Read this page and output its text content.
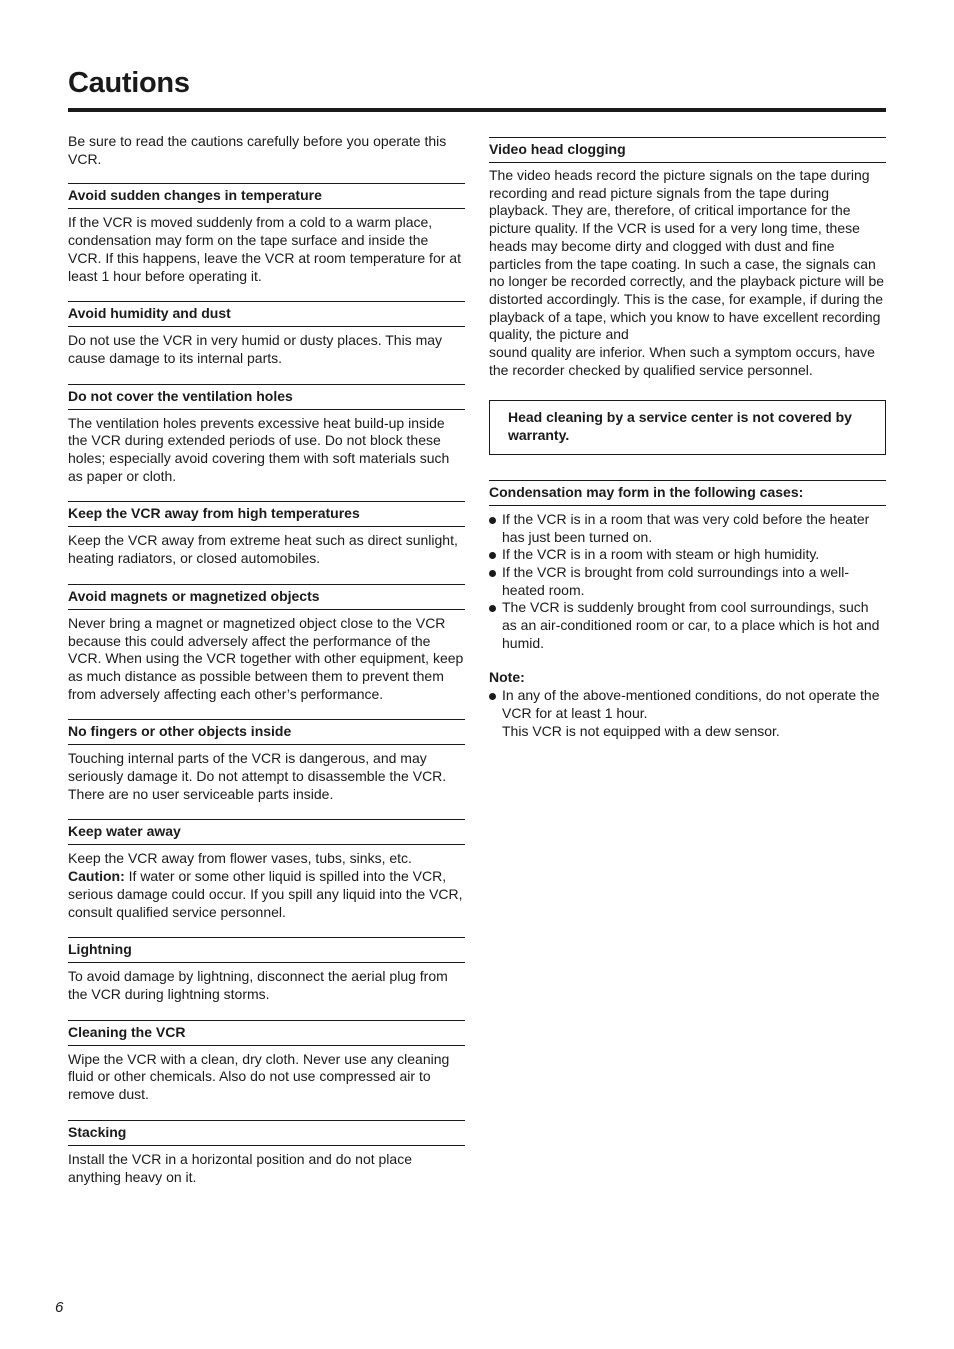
Cautions

Be sure to read the cautions carefully before you operate this VCR.

Avoid sudden changes in temperature

If the VCR is moved suddenly from a cold to a warm place, condensation may form on the tape surface and inside the VCR. If this happens, leave the VCR at room temperature for at least 1 hour before operating it.

Avoid humidity and dust

Do not use the VCR in very humid or dusty places. This may cause damage to its internal parts.

Do not cover the ventilation holes

The ventilation holes prevents excessive heat build-up inside the VCR during extended periods of use. Do not block these holes; especially avoid covering them with soft materials such as paper or cloth.

Keep the VCR away from high temperatures

Keep the VCR away from extreme heat such as direct sunlight, heating radiators, or closed automobiles.

Avoid magnets or magnetized objects

Never bring a magnet or magnetized object close to the VCR because this could adversely affect the performance of the VCR. When using the VCR together with other equipment, keep as much distance as possible between them to prevent them from adversely affecting each other’s performance.

No fingers or other objects inside

Touching internal parts of the VCR is dangerous, and may seriously damage it. Do not attempt to disassemble the VCR. There are no user serviceable parts inside.

Keep water away

Keep the VCR away from flower vases, tubs, sinks, etc.

Caution: If water or some other liquid is spilled into the VCR, serious damage could occur. If you spill any liquid into the VCR, consult qualified service personnel.

Lightning

To avoid damage by lightning, disconnect the aerial plug from the VCR during lightning storms.

Cleaning the VCR

Wipe the VCR with a clean, dry cloth. Never use any cleaning fluid or other chemicals. Also do not use compressed air to remove dust.

Stacking

Install the VCR in a horizontal position and do not place anything heavy on it.

Video head clogging

The video heads record the picture signals on the tape during recording and read picture signals from the tape during playback. They are, therefore, of critical importance for the picture quality. If the VCR is used for a very long time, these heads may become dirty and clogged with dust and fine particles from the tape coating. In such a case, the signals can no longer be recorded correctly, and the playback picture will be distorted accordingly. This is the case, for example, if during the playback of a tape, which you know to have excellent recording quality, the picture and

sound quality are inferior. When such a symptom occurs, have the recorder checked by qualified service personnel.

Head cleaning by a service center is not covered by warranty.
Condensation may form in the following cases:
If the VCR is in a room that was very cold before the heater has just been turned on.
If the VCR is in a room with steam or high humidity.
If the VCR is brought from cold surroundings into a well-heated room.
The VCR is suddenly brought from cool surroundings, such as an air-conditioned room or car, to a place which is hot and humid.

Note:

In any of the above-mentioned conditions, do not operate the VCR for at least 1 hour.

This VCR is not equipped with a dew sensor.

6
